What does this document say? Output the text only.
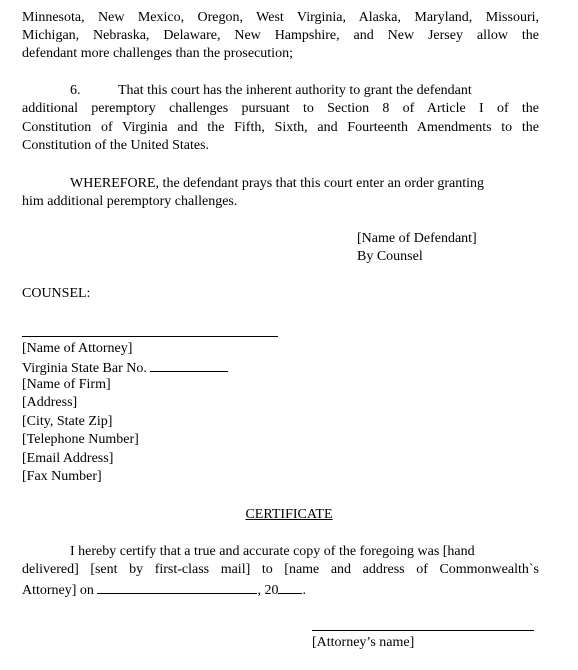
Minnesota, New Mexico, Oregon, West Virginia, Alaska, Maryland, Missouri,
Michigan, Nebraska, Delaware, New Hampshire, and New Jersey allow the
defendant more challenges than the prosecution;
6.	That this court has the inherent authority to grant the defendant
additional peremptory challenges pursuant to Section 8 of Article I of the
Constitution of Virginia and the Fifth, Sixth, and Fourteenth Amendments to the
Constitution of the United States.
WHEREFORE, the defendant prays that this court enter an order granting
him additional peremptory challenges.
[Name of Defendant]
By Counsel
COUNSEL:
[Name of Attorney]
Virginia State Bar No.
[Name of Firm]
[Address]
[City, State Zip]
[Telephone Number]
[Email Address]
[Fax Number]
CERTIFICATE
I hereby certify that a true and accurate copy of the foregoing was [hand
delivered] [sent by first-class mail] to [name and address of Commonwealth`s
Attorney] on	, 20 .
[Attorney’s name]
